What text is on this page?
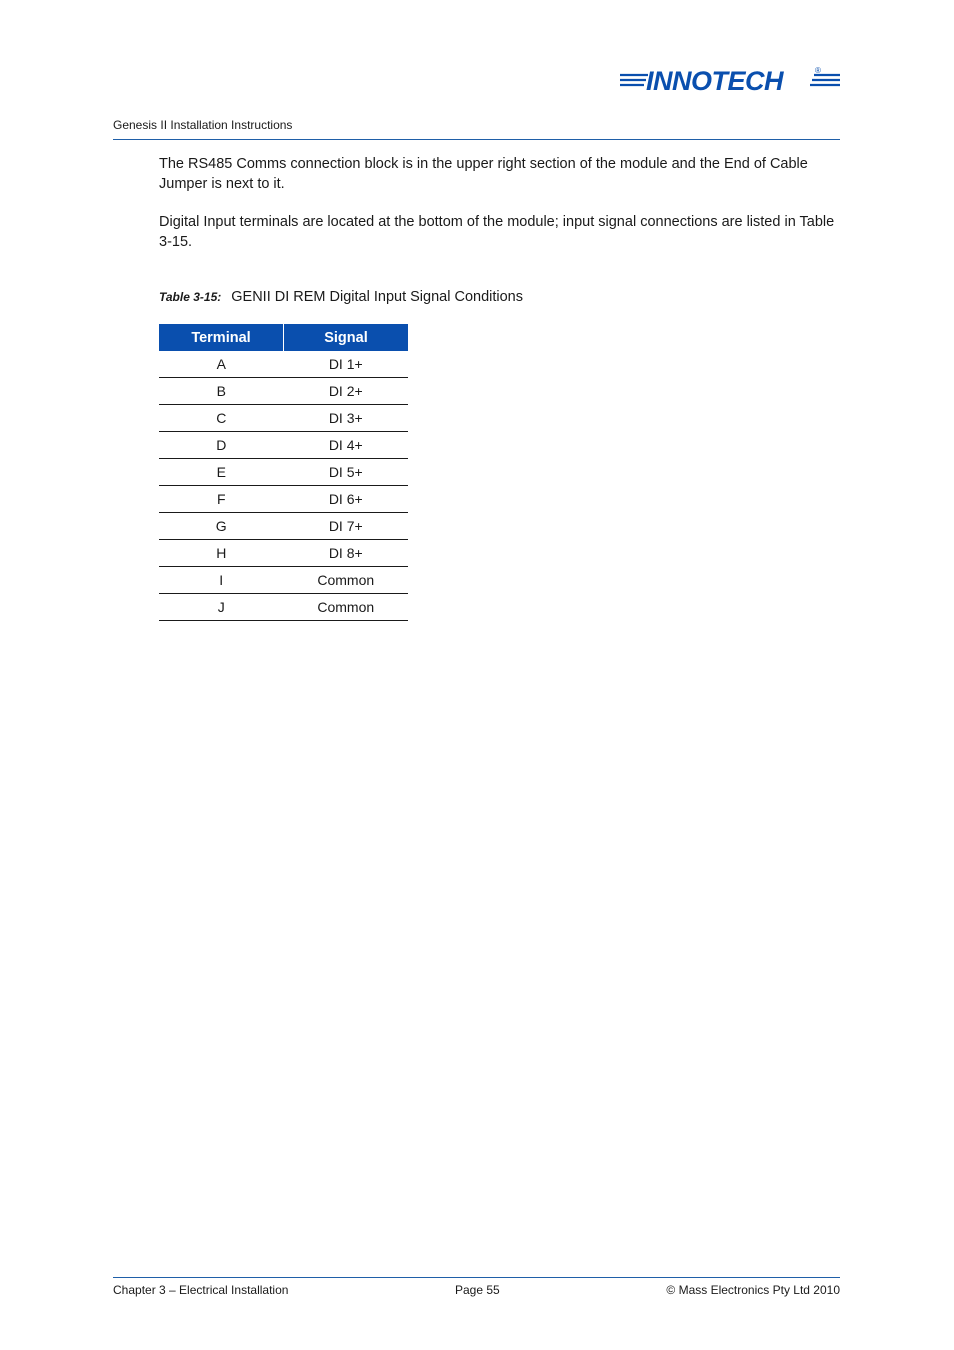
INNOTECH	®
Genesis II Installation Instructions

The RS485 Comms connection block is in the upper right section of the module and the End of Cable Jumper is next to it.

Digital Input terminals are located at the bottom of the module; input signal connections are listed in Table 3-15.

Table 3-15: GENII DI REM Digital Input Signal Conditions
Terminal	Signal
A	DI 1+
B	DI 2+
C	DI 3+
D	DI 4+
E	DI 5+
F	DI 6+
G	DI 7+
H	DI 8+
I	Common
J	Common
Chapter 3 – Electrical Installation	Page 55	© Mass Electronics Pty Ltd 2010
